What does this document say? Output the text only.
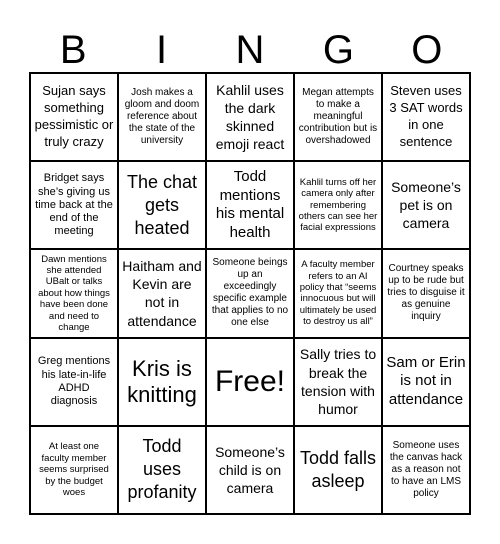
B	I	N	G	O
Sujan says something pessimistic or truly crazy
Josh makes a gloom and doom reference about the state of the university
Kahlil uses the dark skinned emoji react
Megan attempts to make a meaningful contribution but is overshadowed
Steven uses 3 SAT words in one sentence
Bridget says she’s giving us time back at the end of the meeting
The chat gets heated
Todd mentions his mental health
Kahlil turns off her camera only after remembering others can see her facial expressions
Someone’s pet is on camera
Dawn mentions she attended UBalt or talks about how things have been done and need to change
Haitham and Kevin are not in attendance
Someone beings up an exceedingly specific example that applies to no one else
A faculty member refers to an AI policy that “seems innocuous but will ultimately be used to destroy us all”
Courtney speaks up to be rude but tries to disguise it as genuine inquiry
Greg mentions his late-in-life ADHD diagnosis
Kris is knitting Free!
Sally tries to break the tension with humor
Sam or Erin is not in attendance
At least one faculty member seems surprised by the budget woes
Todd uses profanity
Someone’s child is on camera
Todd falls asleep
Someone uses the canvas hack as a reason not to have an LMS policy
